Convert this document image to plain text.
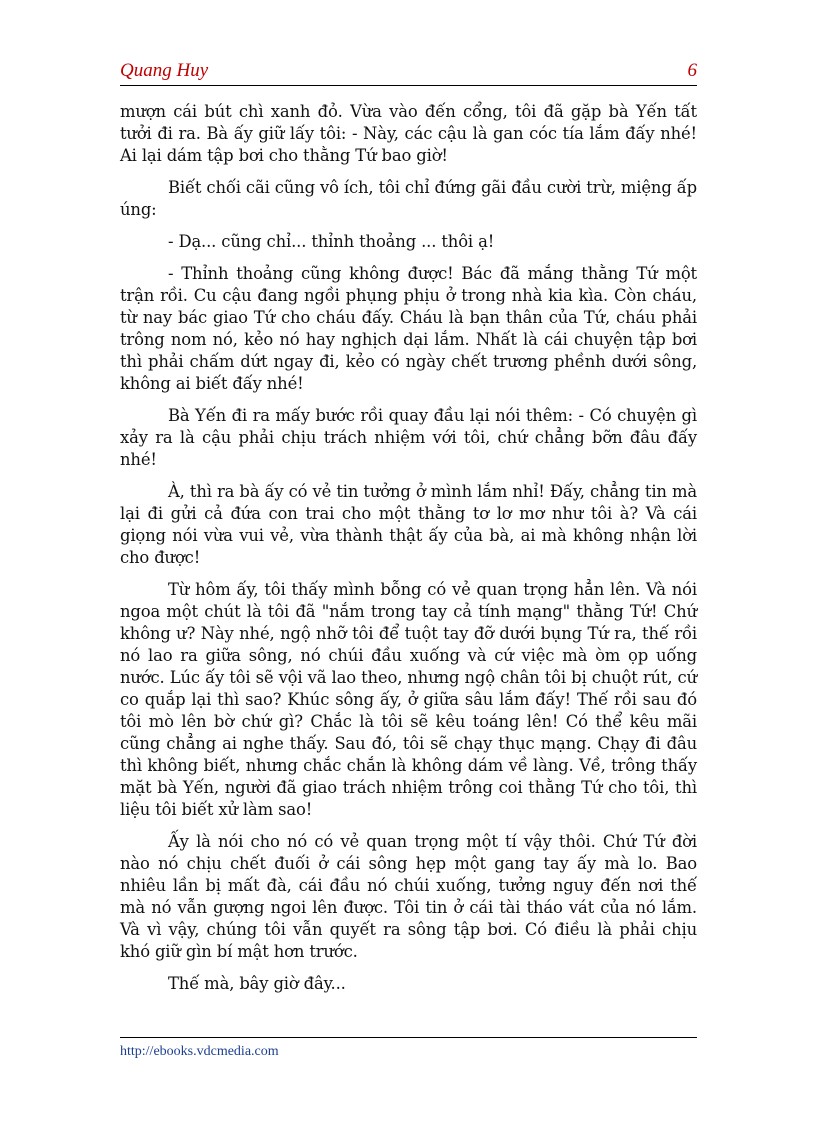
Quang Huy	6

mượn cái bút chì xanh đỏ. Vừa vào đến cổng, tôi đã gặp bà Yến tất tưởi đi ra. Bà ấy giữ lấy tôi: - Này, các cậu là gan cóc tía lắm đấy nhé! Ai lại dám tập bơi cho thằng Tứ bao giờ!

Biết chối cãi cũng vô ích, tôi chỉ đứng gãi đầu cười trừ, miệng ấp úng:

- Dạ... cũng chỉ... thỉnh thoảng ... thôi ạ!

- Thỉnh thoảng cũng không được! Bác đã mắng thằng Tứ một trận rồi. Cu cậu đang ngồi phụng phịu ở trong nhà kia kìa. Còn cháu, từ nay bác giao Tứ cho cháu đấy. Cháu là bạn thân của Tứ, cháu phải trông nom nó, kẻo nó hay nghịch dại lắm. Nhất là cái chuyện tập bơi thì phải chấm dứt ngay đi, kẻo có ngày chết trương phềnh dưới sông, không ai biết đấy nhé!

Bà Yến đi ra mấy bước rồi quay đầu lại nói thêm: - Có chuyện gì xảy ra là cậu phải chịu trách nhiệm với tôi, chứ chẳng bỡn đâu đấy nhé!

À, thì ra bà ấy có vẻ tin tưởng ở mình lắm nhỉ! Đấy, chẳng tin mà lại đi gửi cả đứa con trai cho một thằng tơ lơ mơ như tôi à? Và cái giọng nói vừa vui vẻ, vừa thành thật ấy của bà, ai mà không nhận lời cho được!

Từ hôm ấy, tôi thấy mình bỗng có vẻ quan trọng hẳn lên. Và nói ngoa một chút là tôi đã "nắm trong tay cả tính mạng" thằng Tứ! Chứ không ư? Này nhé, ngộ nhỡ tôi để tuột tay đỡ dưới bụng Tứ ra, thế rồi nó lao ra giữa sông, nó chúi đầu xuống và cứ việc mà òm ọp uống nước. Lúc ấy tôi sẽ vội vã lao theo, nhưng ngộ chân tôi bị chuột rút, cứ co quắp lại thì sao? Khúc sông ấy, ở giữa sâu lắm đấy! Thế rồi sau đó tôi mò lên bờ chứ gì? Chắc là tôi sẽ kêu toáng lên! Có thể kêu mãi cũng chẳng ai nghe thấy. Sau đó, tôi sẽ chạy thục mạng. Chạy đi đâu thì không biết, nhưng chắc chắn là không dám về làng. Về, trông thấy mặt bà Yến, người đã giao trách nhiệm trông coi thằng Tứ cho tôi, thì liệu tôi biết xử làm sao!

Ấy là nói cho nó có vẻ quan trọng một tí vậy thôi. Chứ Tứ đời nào nó chịu chết đuối ở cái sông hẹp một gang tay ấy mà lo. Bao nhiêu lần bị mất đà, cái đầu nó chúi xuống, tưởng nguy đến nơi thế mà nó vẫn gượng ngoi lên được. Tôi tin ở cái tài tháo vát của nó lắm. Và vì vậy, chúng tôi vẫn quyết ra sông tập bơi. Có điều là phải chịu khó giữ gìn bí mật hơn trước.

Thế mà, bây giờ đây...

http://ebooks.vdcmedia.com
